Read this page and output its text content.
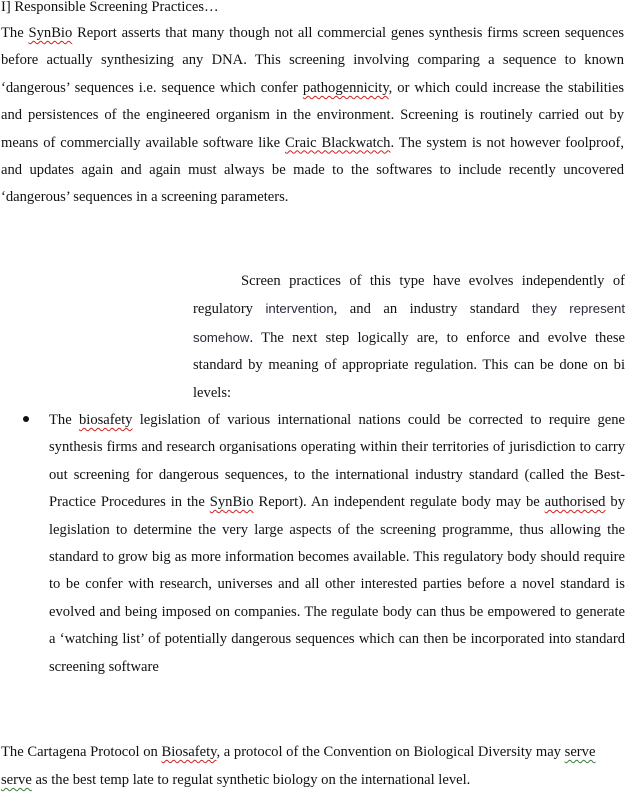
I] Responsible Screening Practices…

The SynBio Report asserts that many though not all commercial genes synthesis firms screen sequences before actually synthesizing any DNA. This screening involving comparing a sequence to known ‘dangerous’ sequences i.e. sequence which confer pathogennicity, or which could increase the stabilities and persistences of the engineered organism in the environment. Screening is routinely carried out by means of commercially available software like Craic Blackwatch. The system is not however foolproof, and updates again and again must always be made to the softwares to include recently uncovered ‘dangerous’ sequences in a screening parameters.

Screen practices of this type have evolves independently of regulatory intervention, and an industry standard they represent somehow. The next step logically are, to enforce and evolve these standard by meaning of appropriate regulation. This can be done on bi levels:

The biosafety legislation of various international nations could be corrected to require gene synthesis firms and research organisations operating within their territories of jurisdiction to carry out screening for dangerous sequences, to the international industry standard (called the Best-Practice Procedures in the SynBio Report). An independent regulate body may be authorised by legislation to determine the very large aspects of the screening programme, thus allowing the standard to grow big as more information becomes available. This regulatory body should require to be confer with research, universes and all other interested parties before a novel standard is evolved and being imposed on companies. The regulate body can thus be empowered to generate a ‘watching list’ of potentially dangerous sequences which can then be incorporated into standard screening software

The Cartagena Protocol on Biosafety, a protocol of the Convention on Biological Diversity may serve serve as the best temp late to regulat synthetic biology on the international level.
